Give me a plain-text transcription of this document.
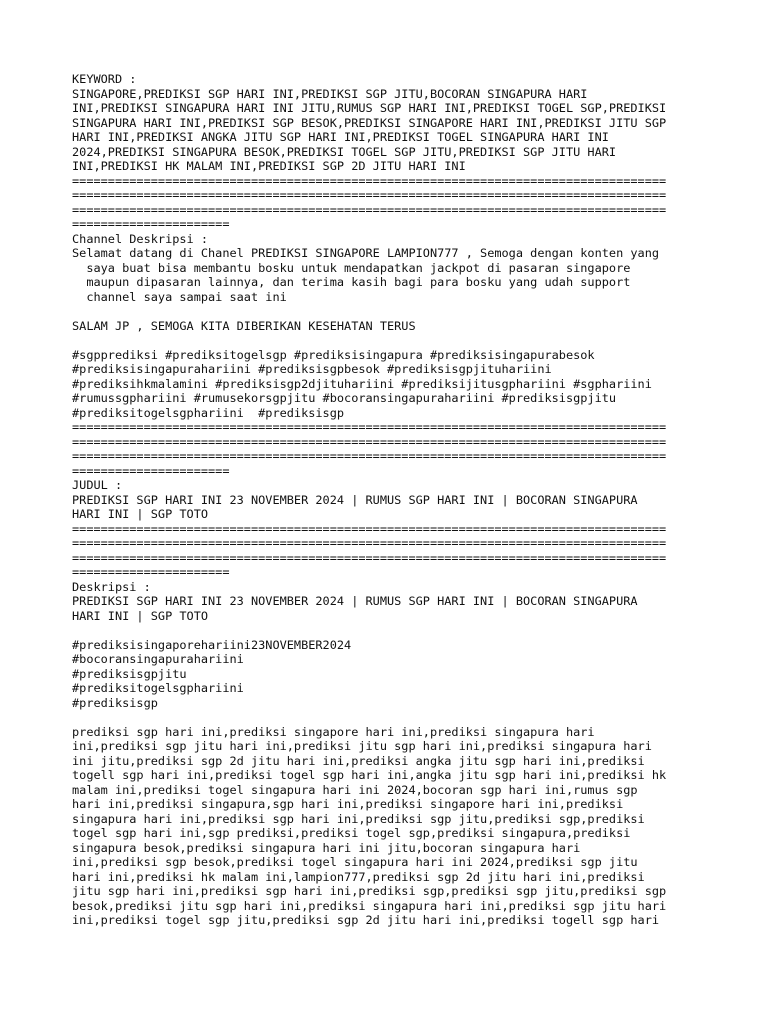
KEYWORD :
SINGAPORE,PREDIKSI SGP HARI INI,PREDIKSI SGP JITU,BOCORAN SINGAPURA HARI
INI,PREDIKSI SINGAPURA HARI INI JITU,RUMUS SGP HARI INI,PREDIKSI TOGEL SGP,PREDIKSI
SINGAPURA HARI INI,PREDIKSI SGP BESOK,PREDIKSI SINGAPORE HARI INI,PREDIKSI JITU SGP
HARI INI,PREDIKSI ANGKA JITU SGP HARI INI,PREDIKSI TOGEL SINGAPURA HARI INI
2024,PREDIKSI SINGAPURA BESOK,PREDIKSI TOGEL SGP JITU,PREDIKSI SGP JITU HARI
INI,PREDIKSI HK MALAM INI,PREDIKSI SGP 2D JITU HARI INI
===================================================================================
===================================================================================
===================================================================================
======================
Channel Deskripsi :
Selamat datang di Chanel PREDIKSI SINGAPORE LAMPION777 , Semoga dengan konten yang
saya buat bisa membantu bosku untuk mendapatkan jackpot di pasaran singapore
maupun dipasaran lainnya, dan terima kasih bagi para bosku yang udah support
channel saya sampai saat ini
SALAM JP , SEMOGA KITA DIBERIKAN KESEHATAN TERUS
#sgpprediksi #prediksitogelsgp #prediksisingapura #prediksisingapurabesok
#prediksisingapuraharіini #prediksisgpbesok #prediksisgpjituhariini
#prediksihkmalamini #prediksisgp2djituhariini #prediksijitusgphariini #sgphariini
#rumussgphariini #rumusekorsgpjitu #bocoransingapurahariini #prediksisgpjitu
#prediksitogelsgphariini  #prediksisgp
===================================================================================
===================================================================================
===================================================================================
======================
JUDUL :
PREDIKSI SGP HARI INI 23 NOVEMBER 2024 | RUMUS SGP HARI INI | BOCORAN SINGAPURA
HARI INI | SGP TOTO
===================================================================================
===================================================================================
===================================================================================
======================
Deskripsi :
PREDIKSI SGP HARI INI 23 NOVEMBER 2024 | RUMUS SGP HARI INI | BOCORAN SINGAPURA
HARI INI | SGP TOTO
#prediksisingaporehariini23NOVEMBER2024
#bocoransingapurahariini
#prediksisgpjitu
#prediksitogelsgphariini
#prediksisgp
prediksi sgp hari ini,prediksi singapore hari ini,prediksi singapura hari
ini,prediksi sgp jitu hari ini,prediksi jitu sgp hari ini,prediksi singapura hari
ini jitu,prediksi sgp 2d jitu hari ini,prediksi angka jitu sgp hari ini,prediksi
togell sgp hari ini,prediksi togel sgp hari ini,angka jitu sgp hari ini,prediksi hk
malam ini,prediksi togel singapura hari ini 2024,bocoran sgp hari ini,rumus sgp
hari ini,prediksi singapura,sgp hari ini,prediksi singapore hari ini,prediksi
singapura hari ini,prediksi sgp hari ini,prediksi sgp jitu,prediksi sgp,prediksi
togel sgp hari ini,sgp prediksi,prediksi togel sgp,prediksi singapura,prediksi
singapura besok,prediksi singapura hari ini jitu,bocoran singapura hari
ini,prediksi sgp besok,prediksi togel singapura hari ini 2024,prediksi sgp jitu
hari ini,prediksi hk malam ini,lampion777,prediksi sgp 2d jitu hari ini,prediksi
jitu sgp hari ini,prediksi sgp hari ini,prediksi sgp,prediksi sgp jitu,prediksi sgp
besok,prediksi jitu sgp hari ini,prediksi singapura hari ini,prediksi sgp jitu hari
ini,prediksi togel sgp jitu,prediksi sgp 2d jitu hari ini,prediksi togell sgp hari
